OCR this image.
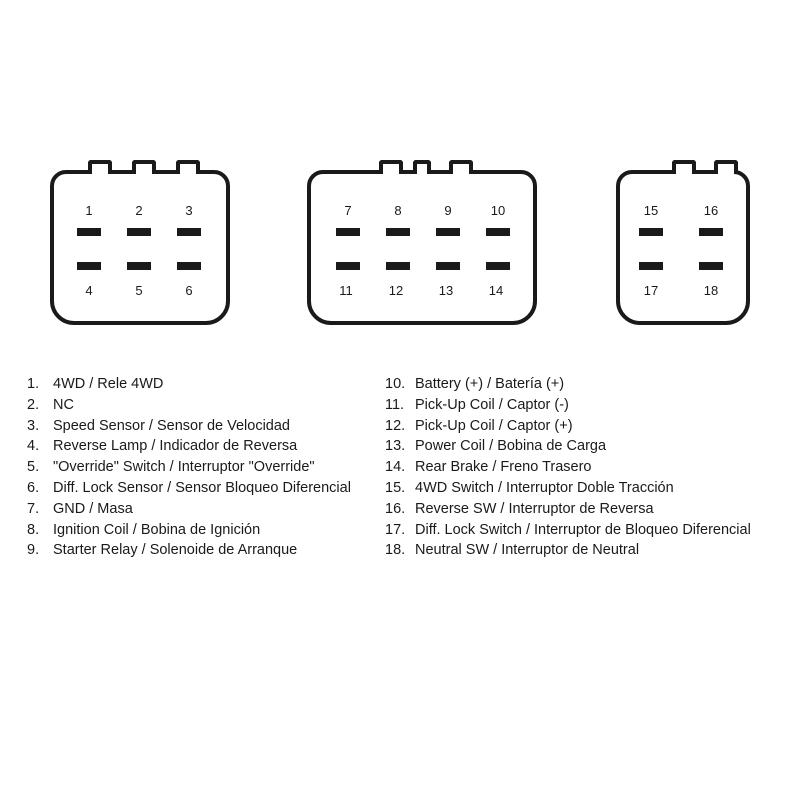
1	2	3
4	5	6
7	8	9	10
11	12	13	14
15	16
17	18
1. 4WD / Rele 4WD
2. NC
3. Speed Sensor / Sensor de Velocidad
4. Reverse Lamp / Indicador de Reversa
5. "Override" Switch / Interruptor "Override"
6. Diff. Lock Sensor / Sensor Bloqueo Diferencial
7. GND / Masa
8. Ignition Coil / Bobina de Ignición
9. Starter Relay / Solenoide de Arranque
10. Battery (+) / Batería (+)
11. Pick-Up Coil / Captor (-)
12. Pick-Up Coil / Captor (+)
13. Power Coil / Bobina de Carga
14. Rear Brake / Freno Trasero
15. 4WD Switch / Interruptor Doble Tracción
16. Reverse SW / Interruptor de Reversa
17. Diff. Lock Switch / Interruptor de Bloqueo Diferencial
18. Neutral SW / Interruptor de Neutral
